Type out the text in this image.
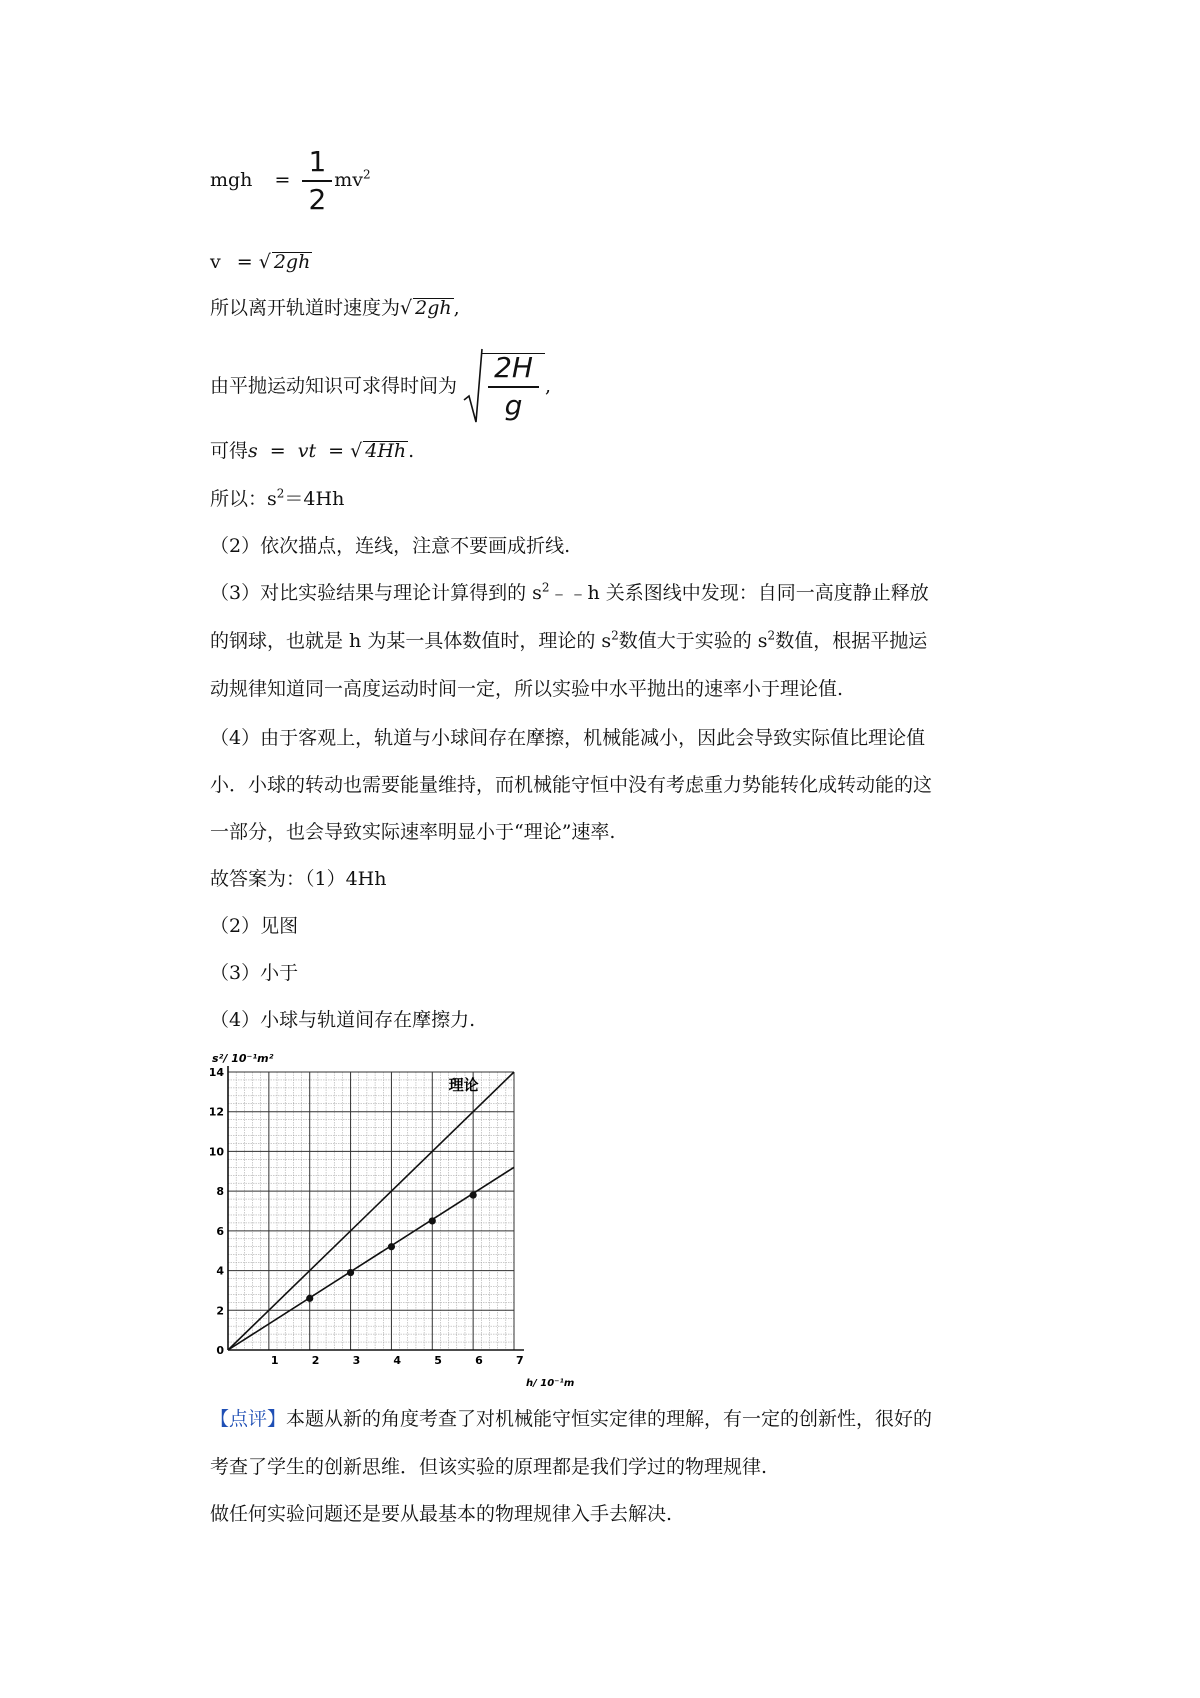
mgh = $\frac{1}{2} mv^2$
v = √ 2gh
所以离开轨道时速度为√ 2gh ,
由平抛运动知识可求得时间为 $\frac{2H}{g}$ ,
可得s = vt = √ 4Hh .
所以：$s^2=4Hh$
（2）依次描点，连线，注意不要画成折线.
（3）对比实验结果与理论计算得到的 $s^2﹣﹣h$ 关系图线中发现：自同一高度静止释放
的钢球，也就是 h 为某一具体数值时，理论的 $s^2$数值大于实验的 $s^2$数值，根据平抛运
动规律知道同一高度运动时间一定，所以实验中水平抛出的速率小于理论值.
（4）由于客观上，轨道与小球间存在摩擦，机械能减小，因此会导致实际值比理论值
小．小球的转动也需要能量维持，而机械能守恒中没有考虑重力势能转化成转动能的这
一部分，也会导致实际速率明显小于“理论”速率.
故答案为：（1）4Hh
（2）见图
（3）小于
（4）小球与轨道间存在摩擦力.
1	2	3	4	5	6	7
0
2
4
6
8
10
12
14
s²/ 10⁻¹m²
h/ 10⁻¹m
理论
【点评】本题从新的角度考查了对机械能守恒实定律的理解，有一定的创新性，很好的
考查了学生的创新思维．但该实验的原理都是我们学过的物理规律.
做任何实验问题还是要从最基本的物理规律入手去解决.
